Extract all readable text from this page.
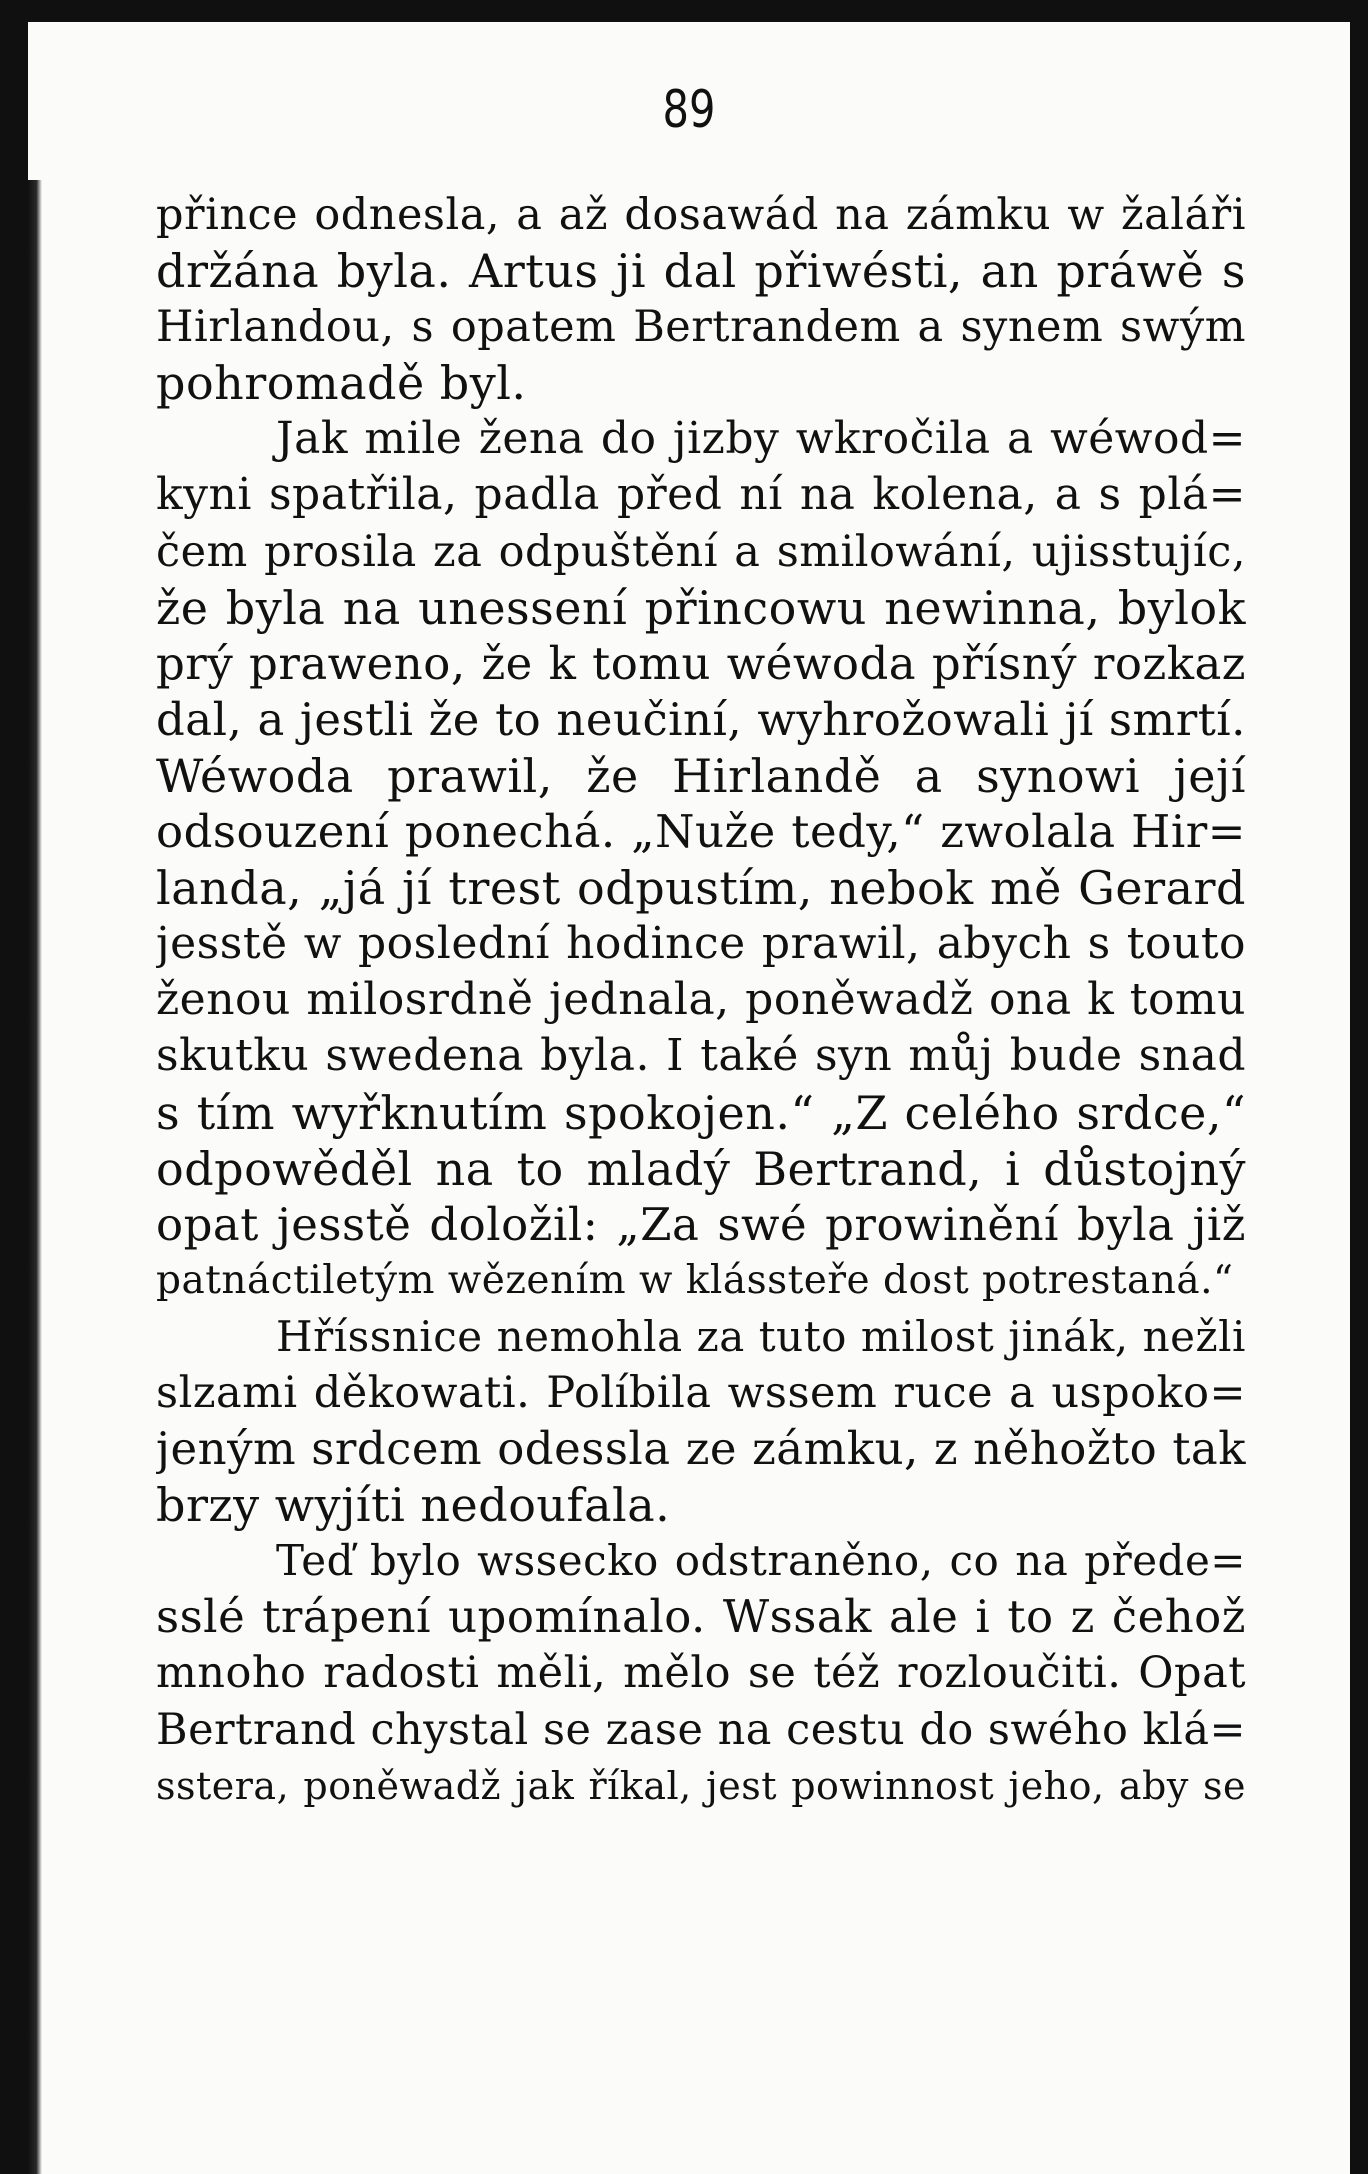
89
přince odnesla, a až dosawád na zámku w žaláři
držána byla. Artus ji dal přiwésti, an práwě s
Hirlandou, s opatem Bertrandem a synem swým
pohromadě byl.
Jak mile žena do jizby wkročila a wéwod=
kyni spatřila, padla před ní na kolena, a s plá=
čem prosila za odpuštění a smilowání, ujisstujíc,
že byla na unessení přincowu newinna, bylok
prý prawеno, že k tomu wéwoda přísný rozkaz
dal, a jestli že to neučiní, wyhrožowali jí smrtí.
Wéwoda prawil, že Hirlandě a synowi její
odsouzení ponechá. „Nuže tedy,“ zwolala Hir=
landa, „já jí trest odpustím, nebok mě Gerard
jesstě w poslední hodince prawil, abych s touto
ženou milosrdně jednala, poněwadž ona k tomu
skutku swedena byla. I také syn můj bude snad
s tím wyřknutím spokojen.“ „Z celého srdce,“
odpowěděl na to mladý Bertrand, i důstojný
opat jesstě doložil: „Za swé prowinění byla již
patnáctiletým wězením w klássteře dost potrestaná.“
Hříssnice nemohla za tuto milost jinák, nežli
slzami děkowati. Políbila wssem ruce a uspoko=
jeným srdcem odessla ze zámku, z něhožto tak
brzy wyjíti nedoufala.
Teď bylo wssecko odstraněno, co na předе=
sslé trápení upomínalo. Wssak ale i to z čehož
mnoho radosti měli, mělo se též rozloučiti. Opat
Bertrand chystal se zase na cestu do swého klá=
sstera, poněwadž jak říkal, jest powinnost jeho, aby se
